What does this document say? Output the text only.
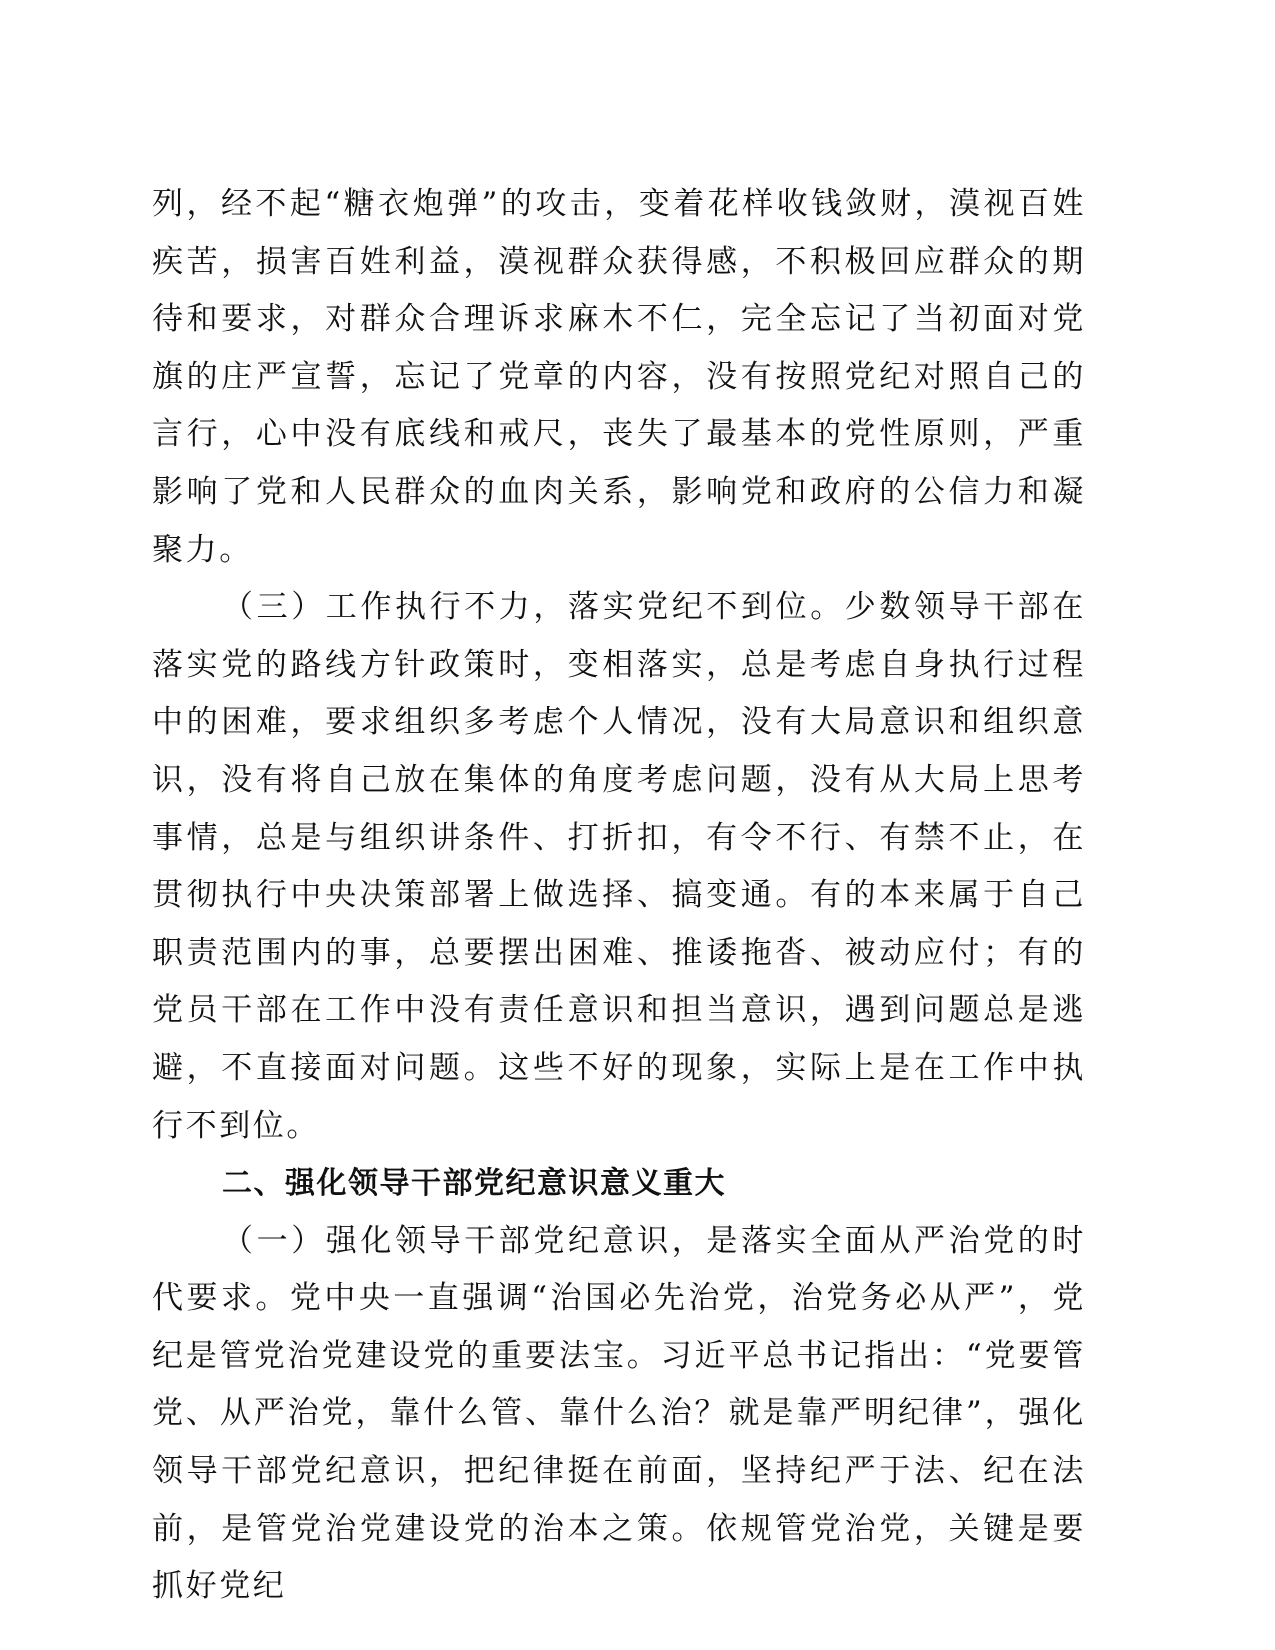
列，经不起“糖衣炮弹”的攻击，变着花样收钱敛财，漠视百姓疾苦，损害百姓利益，漠视群众获得感，不积极回应群众的期待和要求，对群众合理诉求麻木不仁，完全忘记了当初面对党旗的庄严宣誓，忘记了党章的内容，没有按照党纪对照自己的言行，心中没有底线和戒尺，丧失了最基本的党性原则，严重影响了党和人民群众的血肉关系，影响党和政府的公信力和凝聚力。

（三）工作执行不力，落实党纪不到位。少数领导干部在落实党的路线方针政策时，变相落实，总是考虑自身执行过程中的困难，要求组织多考虑个人情况，没有大局意识和组织意识，没有将自己放在集体的角度考虑问题，没有从大局上思考事情，总是与组织讲条件、打折扣，有令不行、有禁不止，在贯彻执行中央决策部署上做选择、搞变通。有的本来属于自己职责范围内的事，总要摆出困难、推诿拖沓、被动应付；有的党员干部在工作中没有责任意识和担当意识，遇到问题总是逃避，不直接面对问题。这些不好的现象，实际上是在工作中执行不到位。

二、强化领导干部党纪意识意义重大

（一）强化领导干部党纪意识，是落实全面从严治党的时代要求。党中央一直强调“治国必先治党，治党务必从严”，党纪是管党治党建设党的重要法宝。习近平总书记指出：“党要管党、从严治党，靠什么管、靠什么治？就是靠严明纪律”，强化领导干部党纪意识，把纪律挺在前面，坚持纪严于法、纪在法前，是管党治党建设党的治本之策。依规管党治党，关键是要抓好党纪
